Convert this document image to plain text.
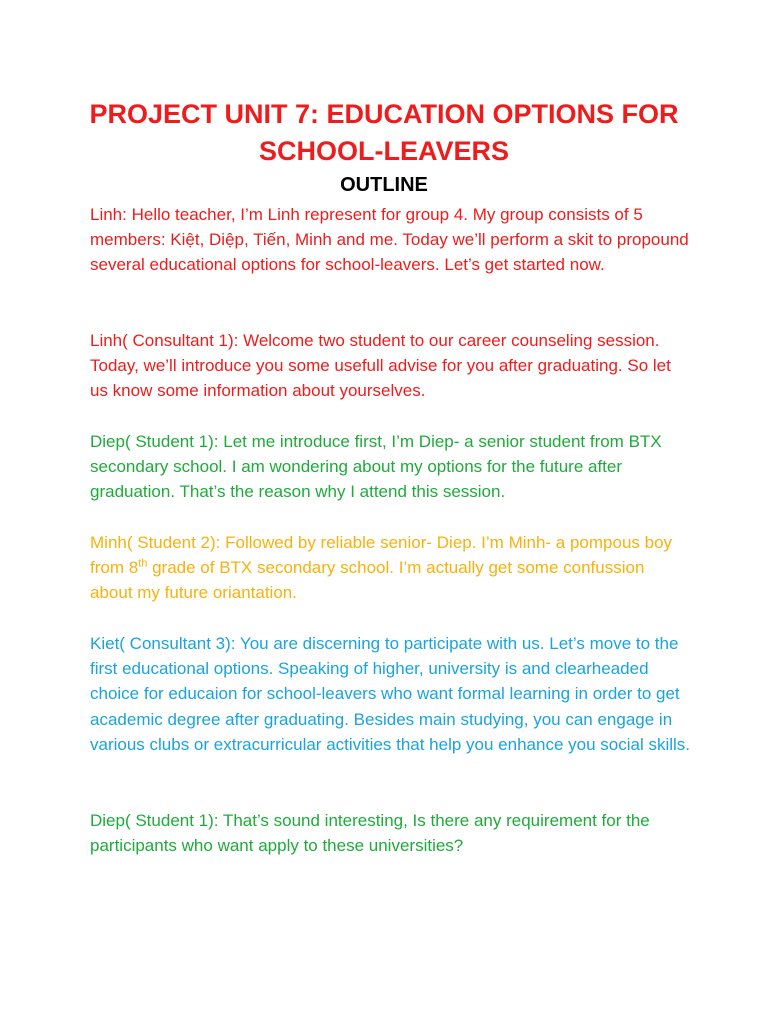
PROJECT UNIT 7: EDUCATION OPTIONS FOR
SCHOOL-LEAVERS
OUTLINE

Linh: Hello teacher, I’m Linh represent for group 4. My group consists of 5 members: Kiệt, Diệp, Tiến, Minh and me. Today we’ll perform a skit to propound several educational options for school-leavers. Let’s get started now.

Linh( Consultant 1): Welcome two student to our career counseling session. Today, we’ll introduce you some usefull advise for you after graduating. So let us know some information about yourselves.

Diep( Student 1): Let me introduce first, I’m Diep- a senior student from BTX secondary school. I am wondering about my options for the future after graduation. That’s the reason why I attend this session.

Minh( Student 2): Followed by reliable senior- Diep. I’m Minh- a pompous boy from 8th grade of BTX secondary school. I’m actually get some confussion about my future oriantation.

Kiet( Consultant 3): You are discerning to participate with us. Let’s move to the first educational options. Speaking of higher, university is and clearheaded choice for educaion for school-leavers who want formal learning in order to get academic degree after graduating. Besides main studying, you can engage in various clubs or extracurricular activities that help you enhance you social skills.

Diep( Student 1): That’s sound interesting, Is there any requirement for the participants who want apply to these universities?
